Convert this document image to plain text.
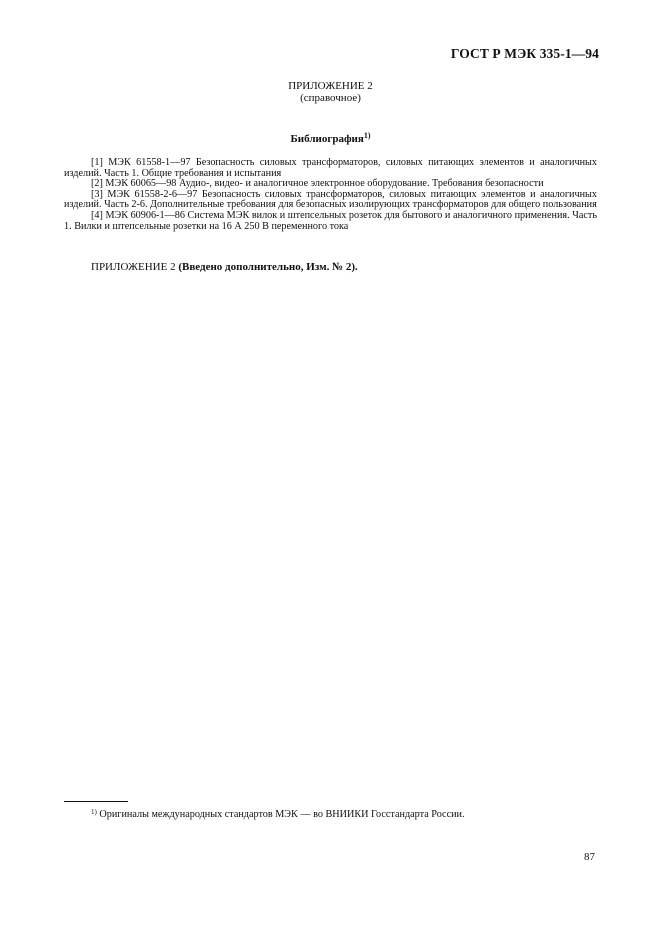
ГОСТ Р МЭК 335-1—94
ПРИЛОЖЕНИЕ 2
(справочное)
Библиография$^{1)}$

[1] МЭК 61558-1—97 Безопасность силовых трансформаторов, силовых питающих элементов и аналогичных изделий. Часть 1. Общие требования и испытания

[2] МЭК 60065—98 Аудио-, видео- и аналогичное электронное оборудование. Требования безопасности

[3] МЭК 61558-2-6—97 Безопасность силовых трансформаторов, силовых питающих элементов и аналогичных изделий. Часть 2-6. Дополнительные требования для безопасных изолирующих трансформаторов для общего пользования

[4] МЭК 60906-1—86 Система МЭК вилок и штепсельных розеток для бытового и аналогичного применения. Часть 1. Вилки и штепсельные розетки на 16 А 250 В переменного тока

ПРИЛОЖЕНИЕ 2 (Введено дополнительно, Изм. № 2).
$^{1)}$ Оригиналы международных стандартов МЭК — во ВНИИКИ Госстандарта России.
87
